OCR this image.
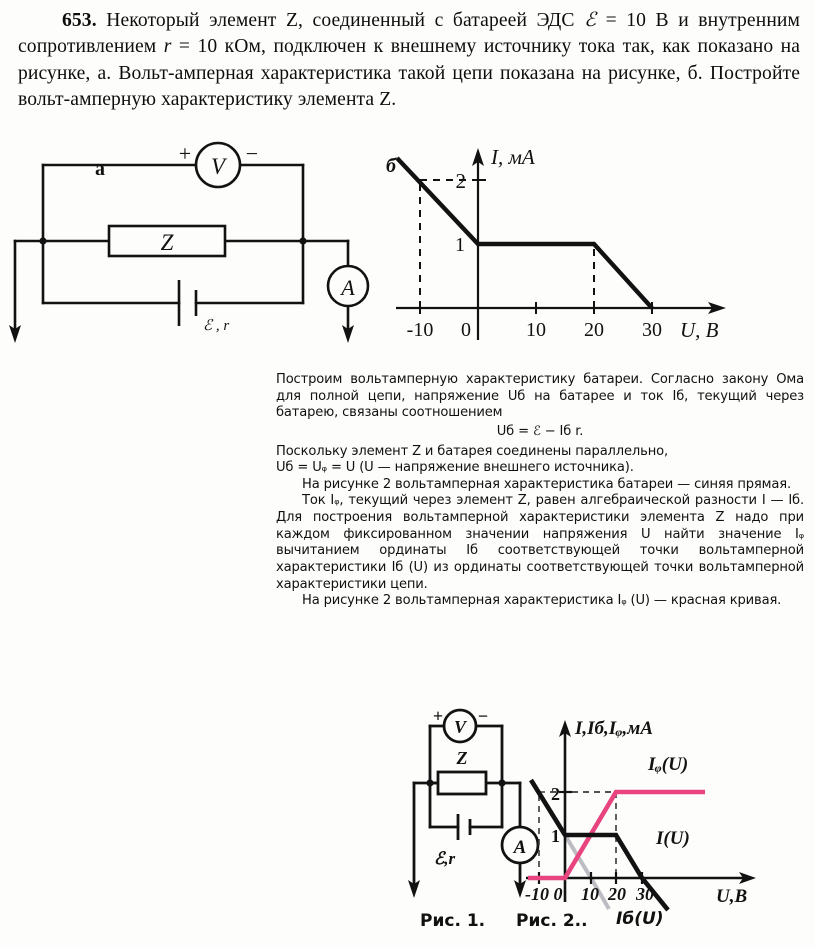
653. Некоторый элемент Z, соединенный с батареей ЭДС ℰ = 10 В и внутренним сопротивлением r = 10 кОм, подключен к внешнему источнику тока так, как показано на рисунке, а. Вольт-амперная характеристика такой цепи показана на рисунке, б. Постройте вольт-амперную характеристику элемента Z.
V
+ −
Z
ℰ , r
A
а	б	I, мА
U, В
1
2
-10 0	10 20 30

Построим вольтамперную характеристику батареи. Согласно закону Ома для полной цепи, напряжение Uб на батарее и ток Iб, текущий через батарею, связаны соотношением

Uб = ℰ − Iб r.

Поскольку элемент Z и батарея соединены параллельно,

Uб = Uᵩ = U (U — напряжение внешнего источника).

На рисунке 2 вольтамперная характеристика батареи — синяя прямая.

Ток Iᵩ, текущий через элемент Z, равен алгебраической разности I — Iб. Для построения вольтамперной характеристики элемента Z надо при каждом фиксированном значении напряжения U найти значение Iᵩ вычитанием ординаты Iб соответствующей точки вольтамперной характеристики Iб (U) из ординаты соответствующей точки вольтамперной характеристики цепи.

На рисунке 2 вольтамперная характеристика Iᵩ (U) — красная кривая.

V
+ −
Z
ℰ,r
A
I,Iб,Iᵩ,мА
U,В
1
2
-10 0 10 20 30
Iᵩ(U)
I(U)
Рис. 1. Рис. 2.. Iб(U)
